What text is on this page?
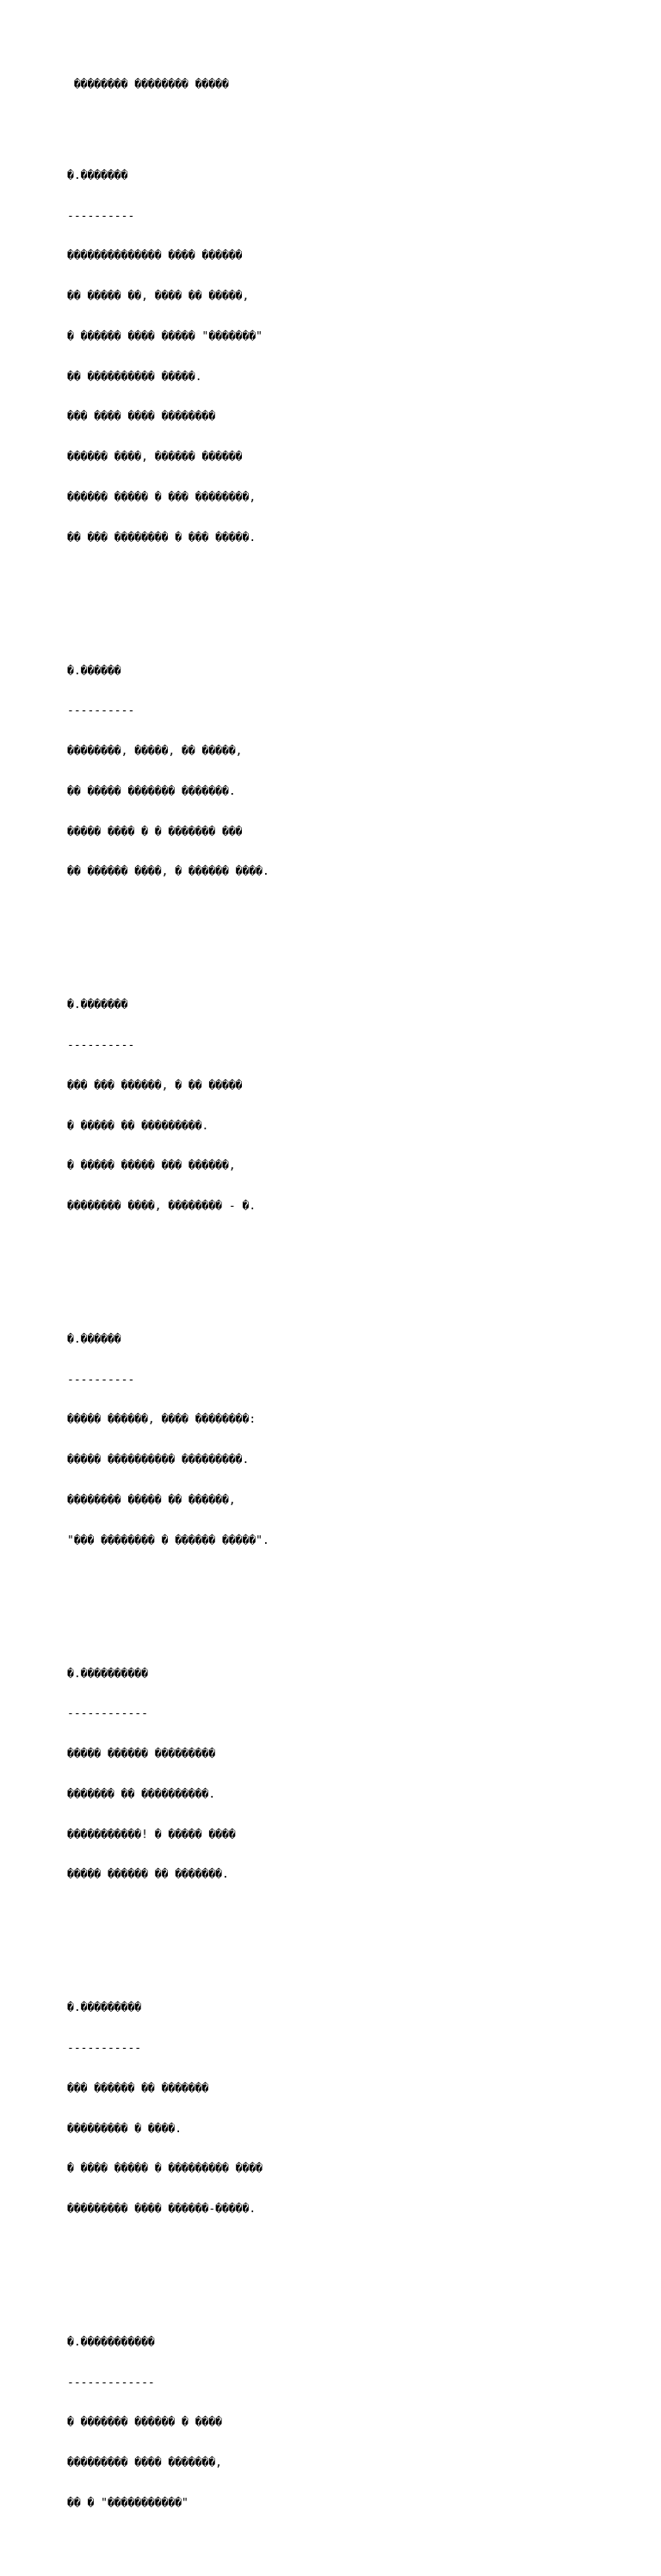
�������� �������� �����

�.�������

----------

�������������� ���� ������

�� ����� ��, ���� �� �����,

� ������ ���� ����� "�������"

�� ���������� �����.

��� ���� ���� ��������

������ ����, ������ ������

������ ����� � ��� ��������,

�� ��� �������� � ��� �����.

�.������

----------

��������, �����, �� �����,

�� ����� ������� �������.

����� ���� � � ������� ���

�� ������ ����, � ������ ����.

�.�������

----------

��� ��� ������, � �� �����

� ����� �� ���������.

� ����� ����� ��� ������,

�������� ����, �������� - �.

�.������

----------

����� ������, ���� ��������:

����� ���������� ���������.

�������� ����� �� ������,

"��� �������� � ������ �����".

�.����������

------------

����� ������ ���������

������� �� ����������.

�����������! � ����� ����

����� ������ �� �������.

�.���������

-----------

��� ������ �� �������

��������� � ����.

� ���� ����� � ��������� ����

��������� ���� ������-�����.

�.�����������

-------------

� ������� ������ � ����

��������� ���� �������,

�� � "�����������"
